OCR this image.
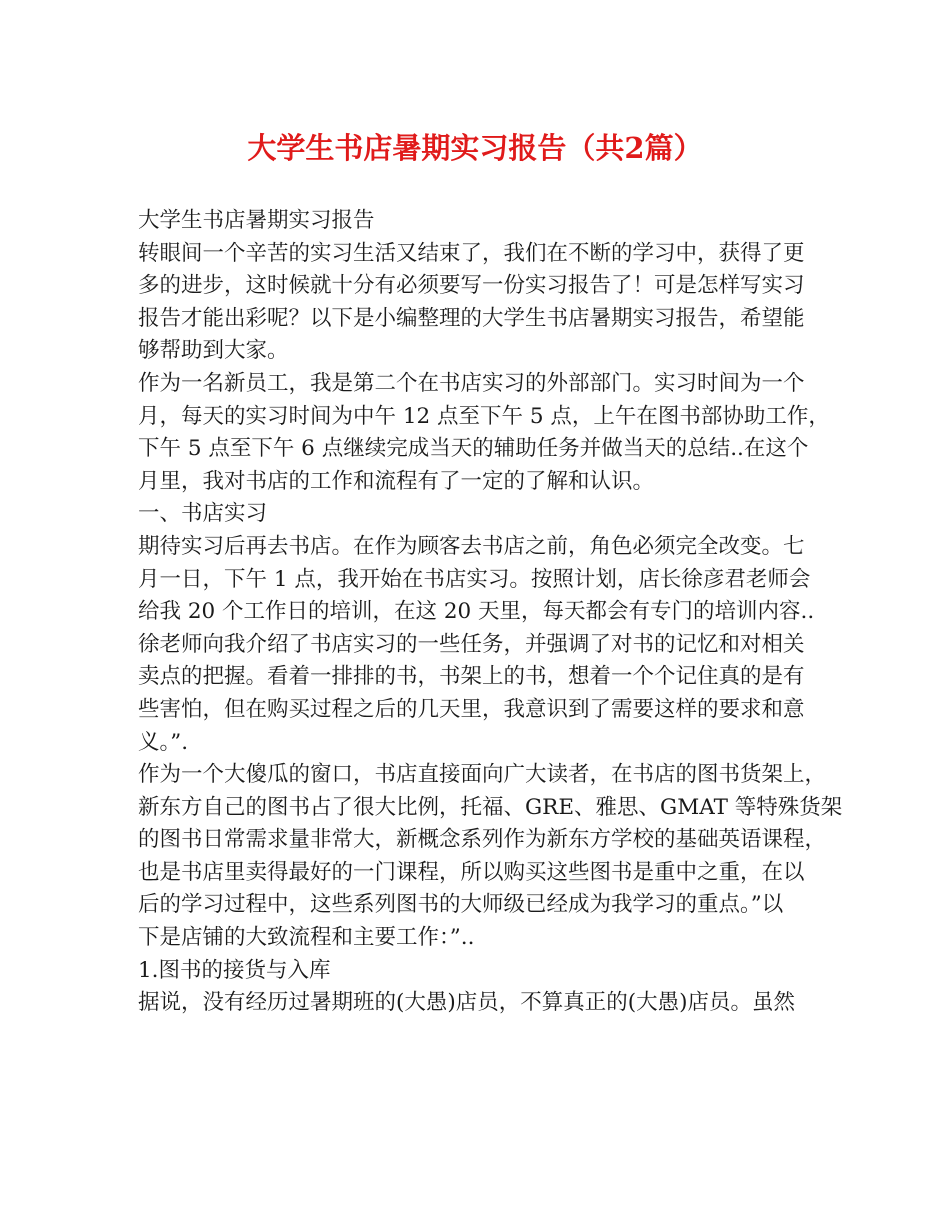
大学生书店暑期实习报告（共2篇）
大学生书店暑期实习报告
转眼间一个辛苦的实习生活又结束了，我们在不断的学习中，获得了更
多的进步，这时候就十分有必须要写一份实习报告了！可是怎样写实习
报告才能出彩呢？以下是小编整理的大学生书店暑期实习报告，希望能
够帮助到大家。
作为一名新员工，我是第二个在书店实习的外部部门。实习时间为一个
月，每天的实习时间为中午 12 点至下午 5 点，上午在图书部协助工作，
下午 5 点至下午 6 点继续完成当天的辅助任务并做当天的总结..在这个
月里，我对书店的工作和流程有了一定的了解和认识。
一、书店实习
期待实习后再去书店。在作为顾客去书店之前，角色必须完全改变。七
月一日，下午 1 点，我开始在书店实习。按照计划，店长徐彦君老师会
给我 20 个工作日的培训，在这 20 天里，每天都会有专门的培训内容..
徐老师向我介绍了书店实习的一些任务，并强调了对书的记忆和对相关
卖点的把握。看着一排排的书，书架上的书，想着一个个记住真的是有
些害怕，但在购买过程之后的几天里，我意识到了需要这样的要求和意
义。”.
作为一个大傻瓜的窗口，书店直接面向广大读者，在书店的图书货架上，
新东方自己的图书占了很大比例，托福、GRE、雅思、GMAT 等特殊货架
的图书日常需求量非常大，新概念系列作为新东方学校的基础英语课程，
也是书店里卖得最好的一门课程，所以购买这些图书是重中之重，在以
后的学习过程中，这些系列图书的大师级已经成为我学习的重点。”以
下是店铺的大致流程和主要工作：”..
1.图书的接货与入库
据说，没有经历过暑期班的(大愚)店员，不算真正的(大愚)店员。虽然
